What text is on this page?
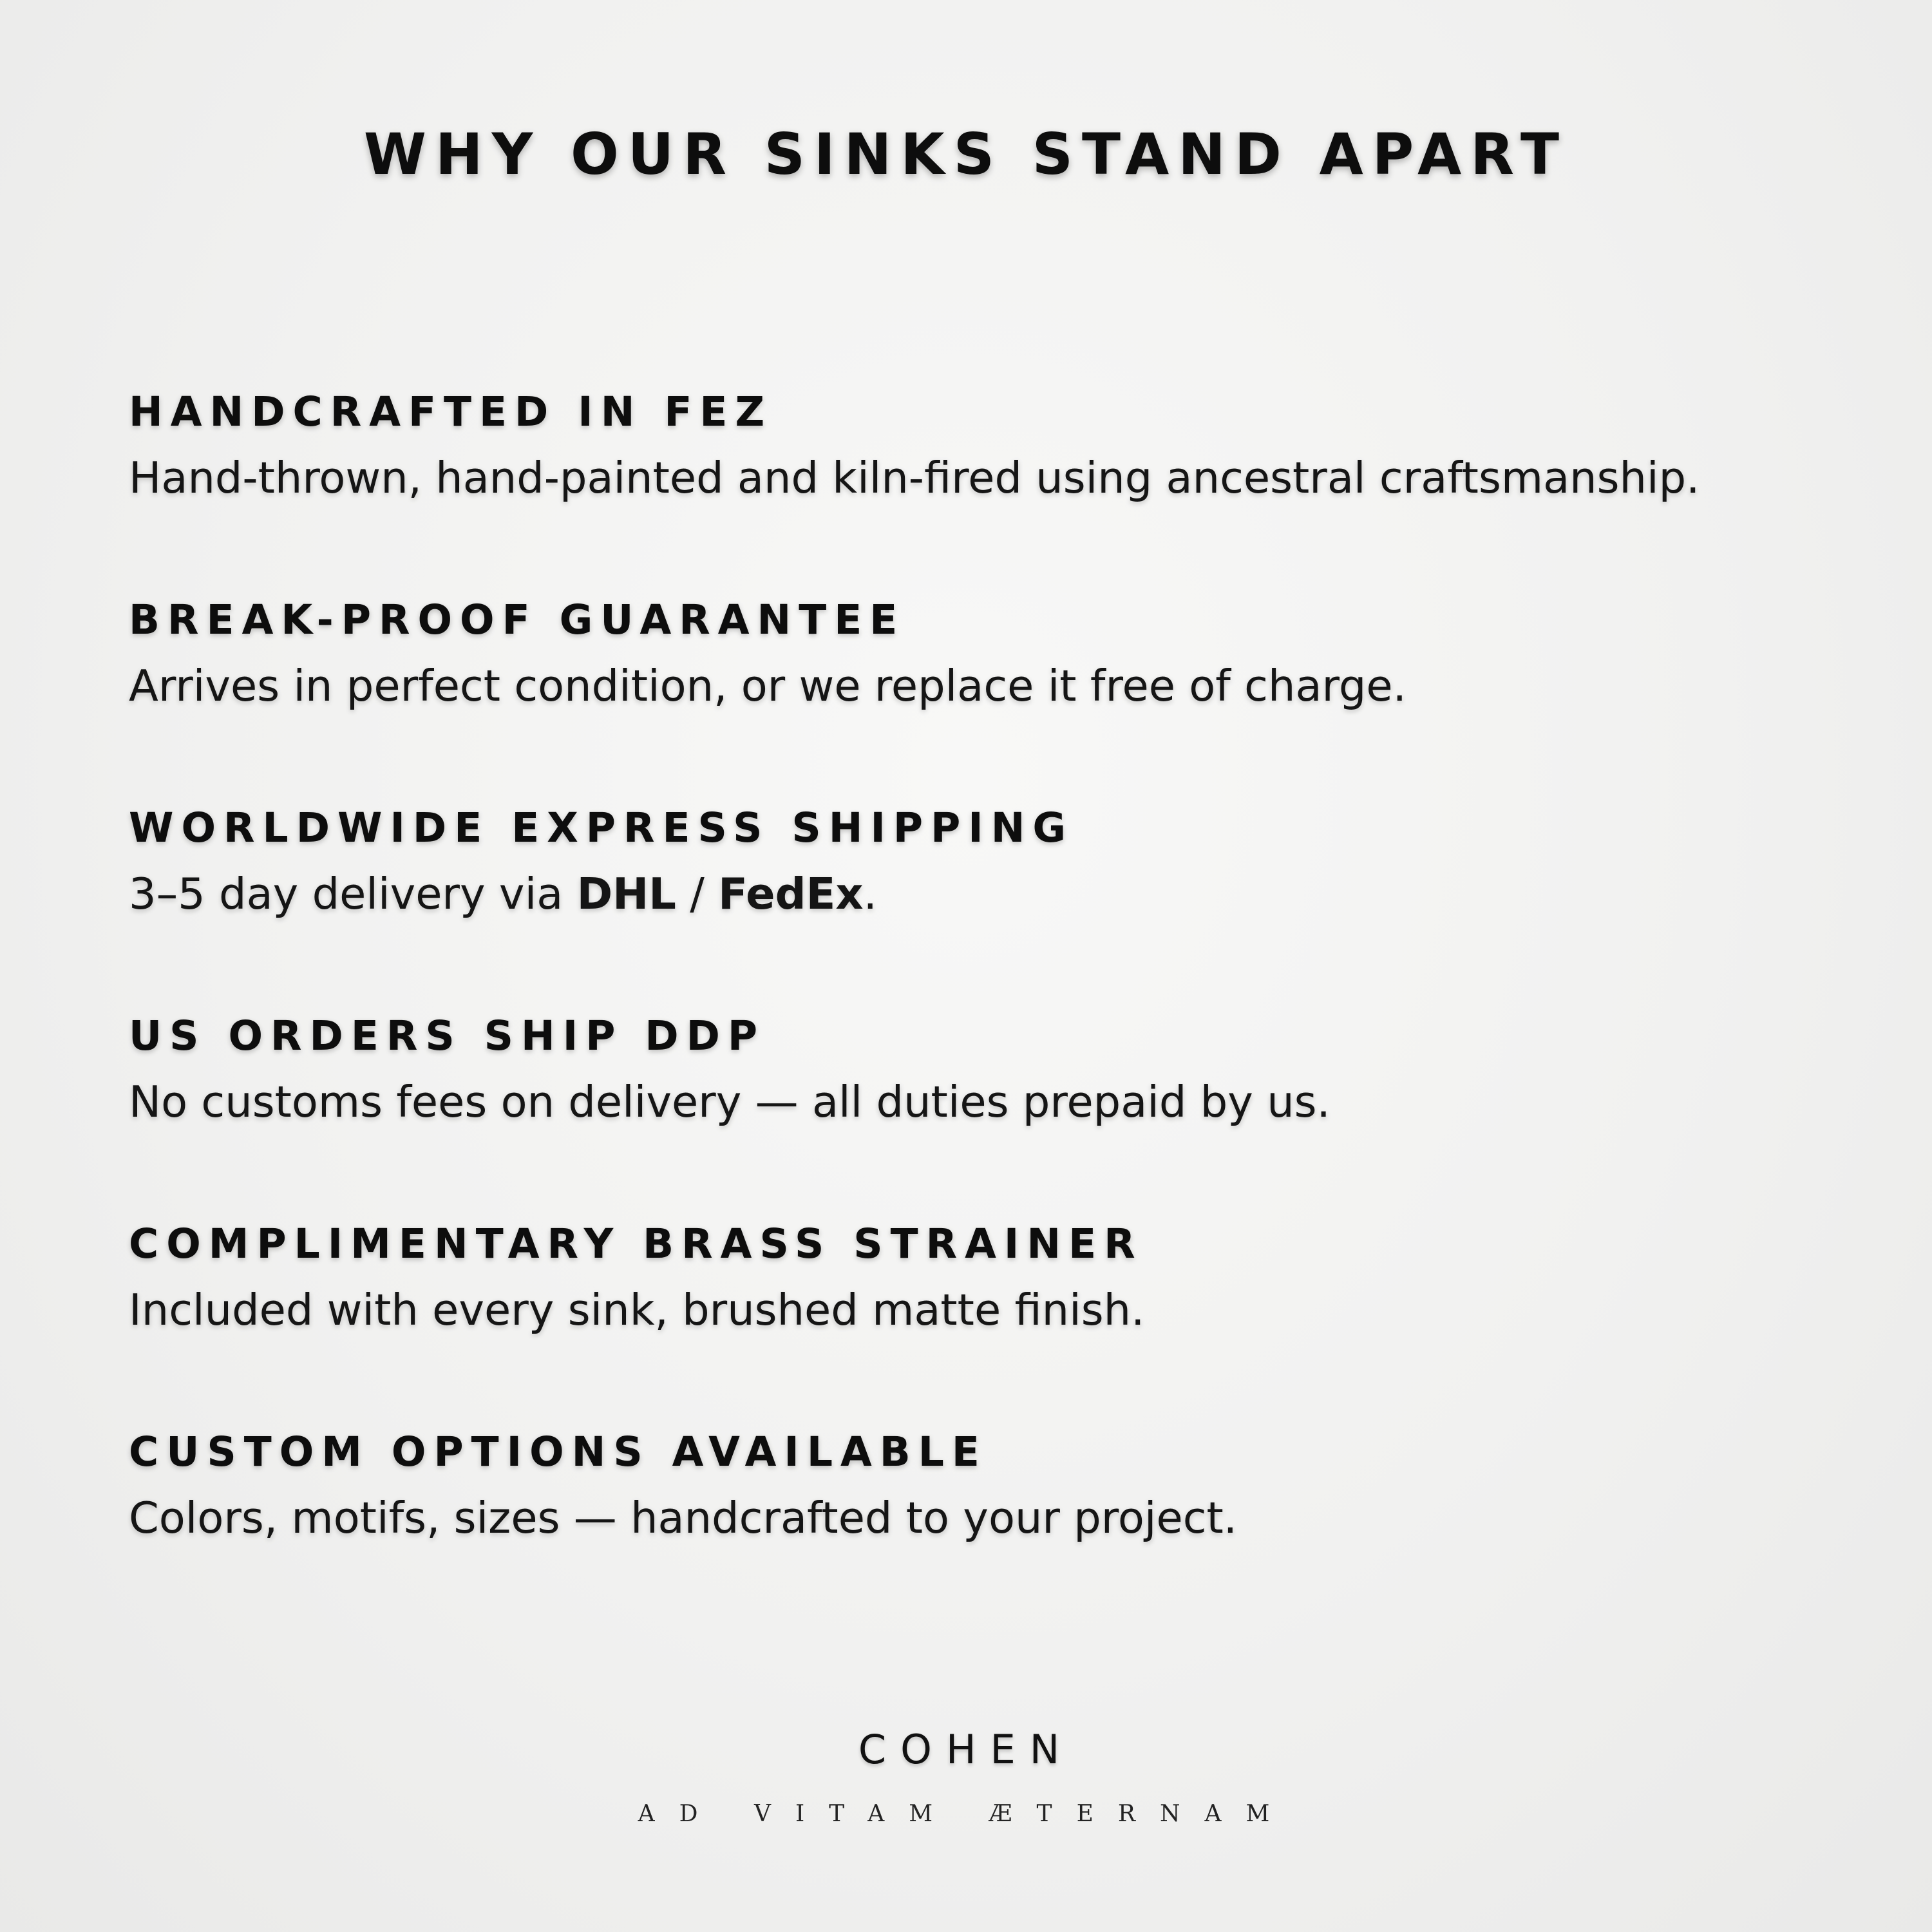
WHY OUR SINKS STAND APART
HANDCRAFTED IN FEZ
Hand-thrown, hand-painted and kiln-fired using ancestral craftsmanship.
BREAK-PROOF GUARANTEE
Arrives in perfect condition, or we replace it free of charge.
WORLDWIDE EXPRESS SHIPPING
3–5 day delivery via DHL / FedEx.
US ORDERS SHIP DDP
No customs fees on delivery — all duties prepaid by us.
COMPLIMENTARY BRASS STRAINER
Included with every sink, brushed matte finish.
CUSTOM OPTIONS AVAILABLE
Colors, motifs, sizes — handcrafted to your project.
COHEN
AD VITAM ÆTERNAM
